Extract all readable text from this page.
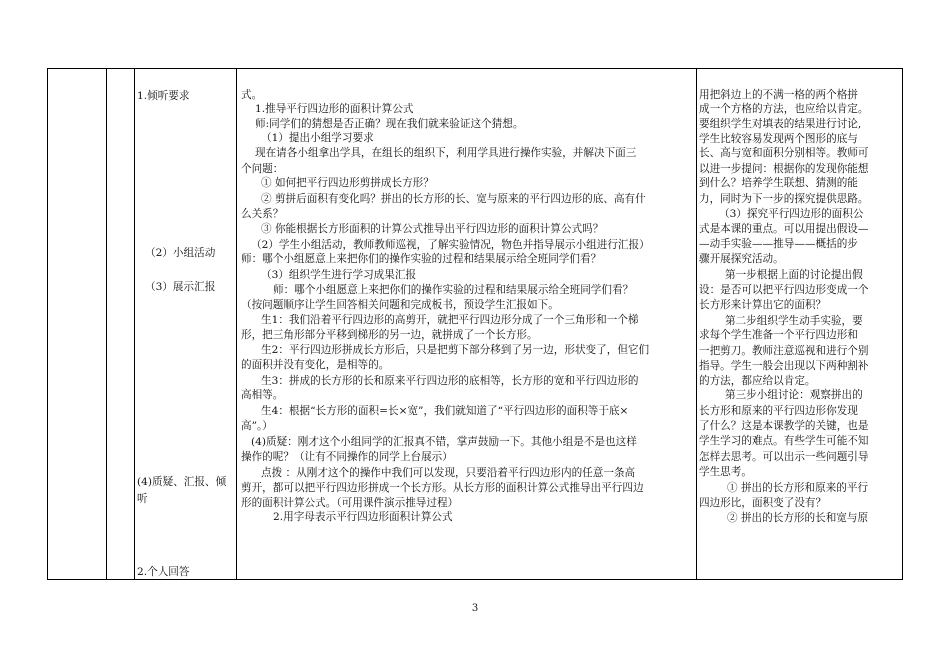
1.倾听要求
（2）小组活动
（3）展示汇报
(4)质疑、汇报、倾
听
2.个人回答
式。
1.推导平行四边形的面积计算公式
师:同学们的猜想是否正确？现在我们就来验证这个猜想。
（1）提出小组学习要求
现在请各小组拿出学具，在组长的组织下，利用学具进行操作实验，并解决下面三
个问题：
① 如何把平行四边形剪拼成长方形？
② 剪拼后面积有变化吗？拼出的长方形的长、宽与原来的平行四边形的底、高有什
么关系？
③ 你能根据长方形面积的计算公式推导出平行四边形的面积计算公式吗？
（2）学生小组活动，教师教师巡视，了解实验情况，物色并指导展示小组进行汇报）
师：哪个小组愿意上来把你们的操作实验的过程和结果展示给全班同学们看？
（3）组织学生进行学习成果汇报
师：哪个小组愿意上来把你们的操作实验的过程和结果展示给全班同学们看？
（按问题顺序让学生回答相关问题和完成板书，预设学生汇报如下。
生1：我们沿着平行四边形的高剪开，就把平行四边形分成了一个三角形和一个梯
形，把三角形部分平移到梯形的另一边，就拼成了一个长方形。
生2：平行四边形拼成长方形后，只是把剪下部分移到了另一边，形状变了，但它们
的面积并没有变化，是相等的。
生3：拼成的长方形的长和原来平行四边形的底相等，长方形的宽和平行四边形的
高相等。
生4：根据“长方形的面积=长×宽”，我们就知道了“平行四边形的面积等于底×
高”。）
(4)质疑：刚才这个小组同学的汇报真不错，掌声鼓励一下。其他小组是不是也这样
操作的呢？（让有不同操作的同学上台展示）
点拨 ：从刚才这个的操作中我们可以发现，只要沿着平行四边形内的任意一条高
剪开，都可以把平行四边形拼成一个长方形。从长方形的面积计算公式推导出平行四边
形的面积计算公式。（可用课件演示推导过程）
2.用字母表示平行四边形面积计算公式
用把斜边上的不满一格的两个格拼
成一个方格的方法，也应给以肯定。
要组织学生对填表的结果进行讨论,
学生比较容易发现两个图形的底与
长、高与宽和面积分别相等。教师可
以进一步提问：根据你的发现你能想
到什么？培养学生联想、猜测的能
力，同时为下一步的探究提供思路。
（3）探究平行四边形的面积公
式是本课的重点。可以用提出假设—
—动手实验——推导——概括的步
骤开展探究活动。
第一步根据上面的讨论提出假
设：是否可以把平行四边形变成一个
长方形来计算出它的面积？
第二步组织学生动手实验，要
求每个学生准备一个平行四边形和
一把剪刀。教师注意巡视和进行个别
指导。学生一般会出现以下两种割补
的方法，都应给以肯定。
第三步小组讨论：观察拼出的
长方形和原来的平行四边形你发现
了什么？这是本课教学的关键，也是
学生学习的难点。有些学生可能不知
怎样去思考。可以出示一些问题引导
学生思考。
① 拼出的长方形和原来的平行
四边形比，面积变了没有？
② 拼出的长方形的长和宽与原
3
